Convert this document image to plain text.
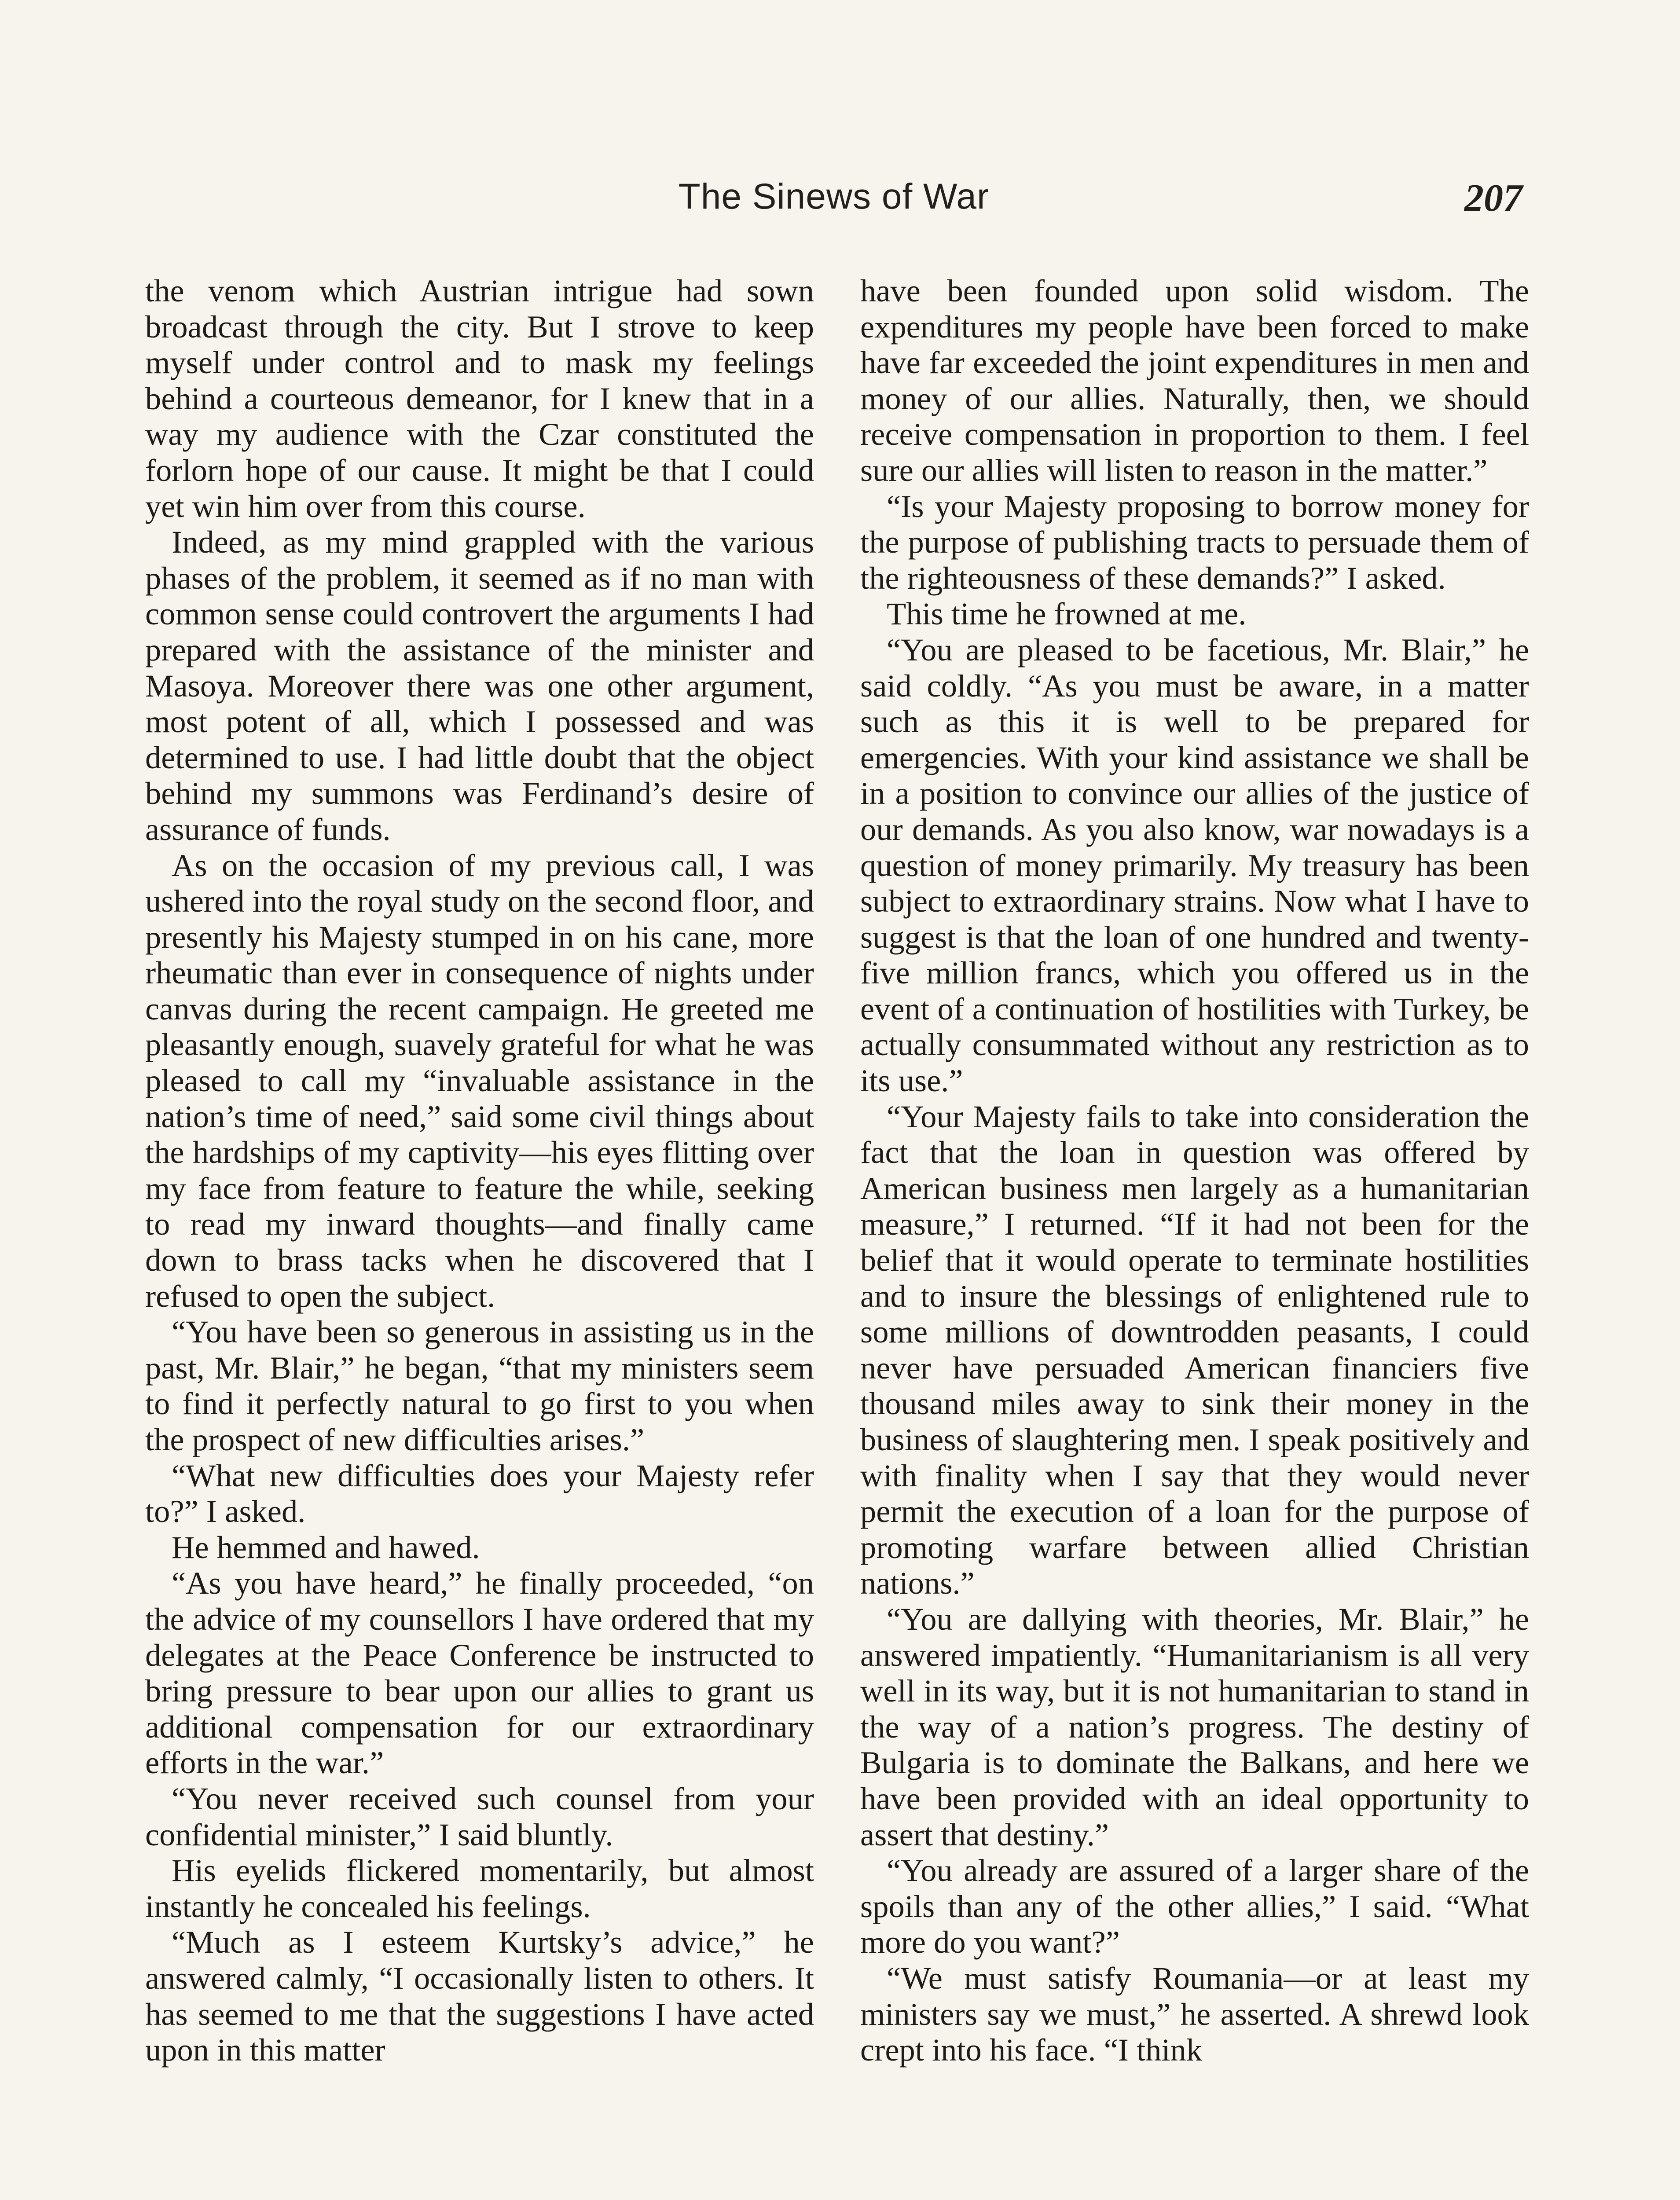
The Sinews of War	207

the venom which Austrian intrigue had sown broadcast through the city. But I strove to keep myself under control and to mask my feelings behind a courteous demeanor, for I knew that in a way my audience with the Czar constituted the forlorn hope of our cause. It might be that I could yet win him over from this course.

Indeed, as my mind grappled with the various phases of the problem, it seemed as if no man with common sense could controvert the arguments I had prepared with the assistance of the minister and Masoya. Moreover there was one other argument, most potent of all, which I possessed and was determined to use. I had little doubt that the object behind my summons was Ferdinand’s desire of assurance of funds.

As on the occasion of my previous call, I was ushered into the royal study on the second floor, and presently his Majesty stumped in on his cane, more rheumatic than ever in consequence of nights under canvas during the recent campaign. He greeted me pleasantly enough, suavely grateful for what he was pleased to call my “invaluable assistance in the nation’s time of need,” said some civil things about the hardships of my captivity—his eyes flitting over my face from feature to feature the while, seeking to read my inward thoughts—and finally came down to brass tacks when he discovered that I refused to open the subject.

“You have been so generous in assisting us in the past, Mr. Blair,” he began, “that my ministers seem to find it perfectly natural to go first to you when the prospect of new difficulties arises.”

“What new difficulties does your Majesty refer to?” I asked.

He hemmed and hawed.

“As you have heard,” he finally proceeded, “on the advice of my counsellors I have ordered that my delegates at the Peace Conference be instructed to bring pressure to bear upon our allies to grant us additional compensation for our extraordinary efforts in the war.”

“You never received such counsel from your confidential minister,” I said bluntly.

His eyelids flickered momentarily, but almost instantly he concealed his feelings.

“Much as I esteem Kurtsky’s advice,” he answered calmly, “I occasionally listen to others. It has seemed to me that the suggestions I have acted upon in this matter

have been founded upon solid wisdom. The expenditures my people have been forced to make have far exceeded the joint expenditures in men and money of our allies. Naturally, then, we should receive compensation in proportion to them. I feel sure our allies will listen to reason in the matter.”

“Is your Majesty proposing to borrow money for the purpose of publishing tracts to persuade them of the righteousness of these demands?” I asked.

This time he frowned at me.

“You are pleased to be facetious, Mr. Blair,” he said coldly. “As you must be aware, in a matter such as this it is well to be prepared for emergencies. With your kind assistance we shall be in a position to convince our allies of the justice of our demands. As you also know, war nowadays is a question of money primarily. My treasury has been subject to extraordinary strains. Now what I have to suggest is that the loan of one hundred and twenty-five million francs, which you offered us in the event of a continuation of hostilities with Turkey, be actually consummated without any restriction as to its use.”

“Your Majesty fails to take into consideration the fact that the loan in question was offered by American business men largely as a humanitarian measure,” I returned. “If it had not been for the belief that it would operate to terminate hostilities and to insure the blessings of enlightened rule to some millions of downtrodden peasants, I could never have persuaded American financiers five thousand miles away to sink their money in the business of slaughtering men. I speak positively and with finality when I say that they would never permit the execution of a loan for the purpose of promoting warfare between allied Christian nations.”

“You are dallying with theories, Mr. Blair,” he answered impatiently. “Humanitarianism is all very well in its way, but it is not humanitarian to stand in the way of a nation’s progress. The destiny of Bulgaria is to dominate the Balkans, and here we have been provided with an ideal opportunity to assert that destiny.”

“You already are assured of a larger share of the spoils than any of the other allies,” I said. “What more do you want?”

“We must satisfy Roumania—or at least my ministers say we must,” he asserted. A shrewd look crept into his face. “I think
